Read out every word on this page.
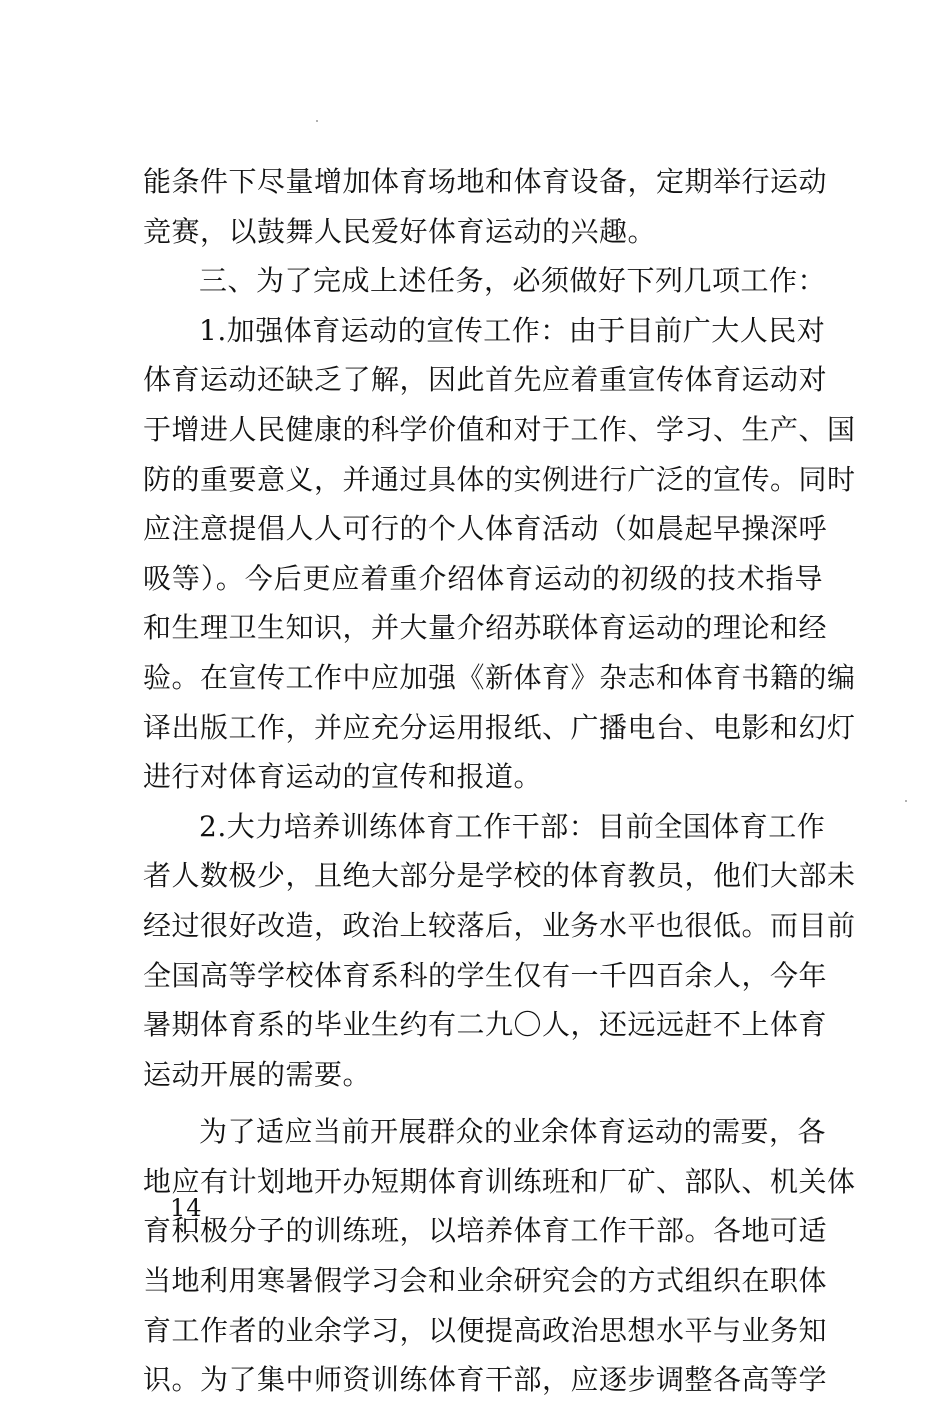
能条件下尽量增加体育场地和体育设备，定期举行运动
竞赛，以鼓舞人民爱好体育运动的兴趣。
三、为了完成上述任务，必须做好下列几项工作：
1.加强体育运动的宣传工作：由于目前广大人民对
体育运动还缺乏了解，因此首先应着重宣传体育运动对
于增进人民健康的科学价值和对于工作、学习、生产、国
防的重要意义，并通过具体的实例进行广泛的宣传。同时
应注意提倡人人可行的个人体育活动（如晨起早操深呼
吸等）。今后更应着重介绍体育运动的初级的技术指导
和生理卫生知识，并大量介绍苏联体育运动的理论和经
验。在宣传工作中应加强《新体育》杂志和体育书籍的编
译出版工作，并应充分运用报纸、广播电台、电影和幻灯
进行对体育运动的宣传和报道。
2.大力培养训练体育工作干部：目前全国体育工作
者人数极少，且绝大部分是学校的体育教员，他们大部未
经过很好改造，政治上较落后，业务水平也很低。而目前
全国高等学校体育系科的学生仅有一千四百余人，今年
暑期体育系的毕业生约有二九〇人，还远远赶不上体育
运动开展的需要。
为了适应当前开展群众的业余体育运动的需要，各
地应有计划地开办短期体育训练班和厂矿、部队、机关体
育积极分子的训练班，以培养体育工作干部。各地可适
当地利用寒暑假学习会和业余研究会的方式组织在职体
育工作者的业余学习，以便提高政治思想水平与业务知
识。为了集中师资训练体育干部，应逐步调整各高等学
14
